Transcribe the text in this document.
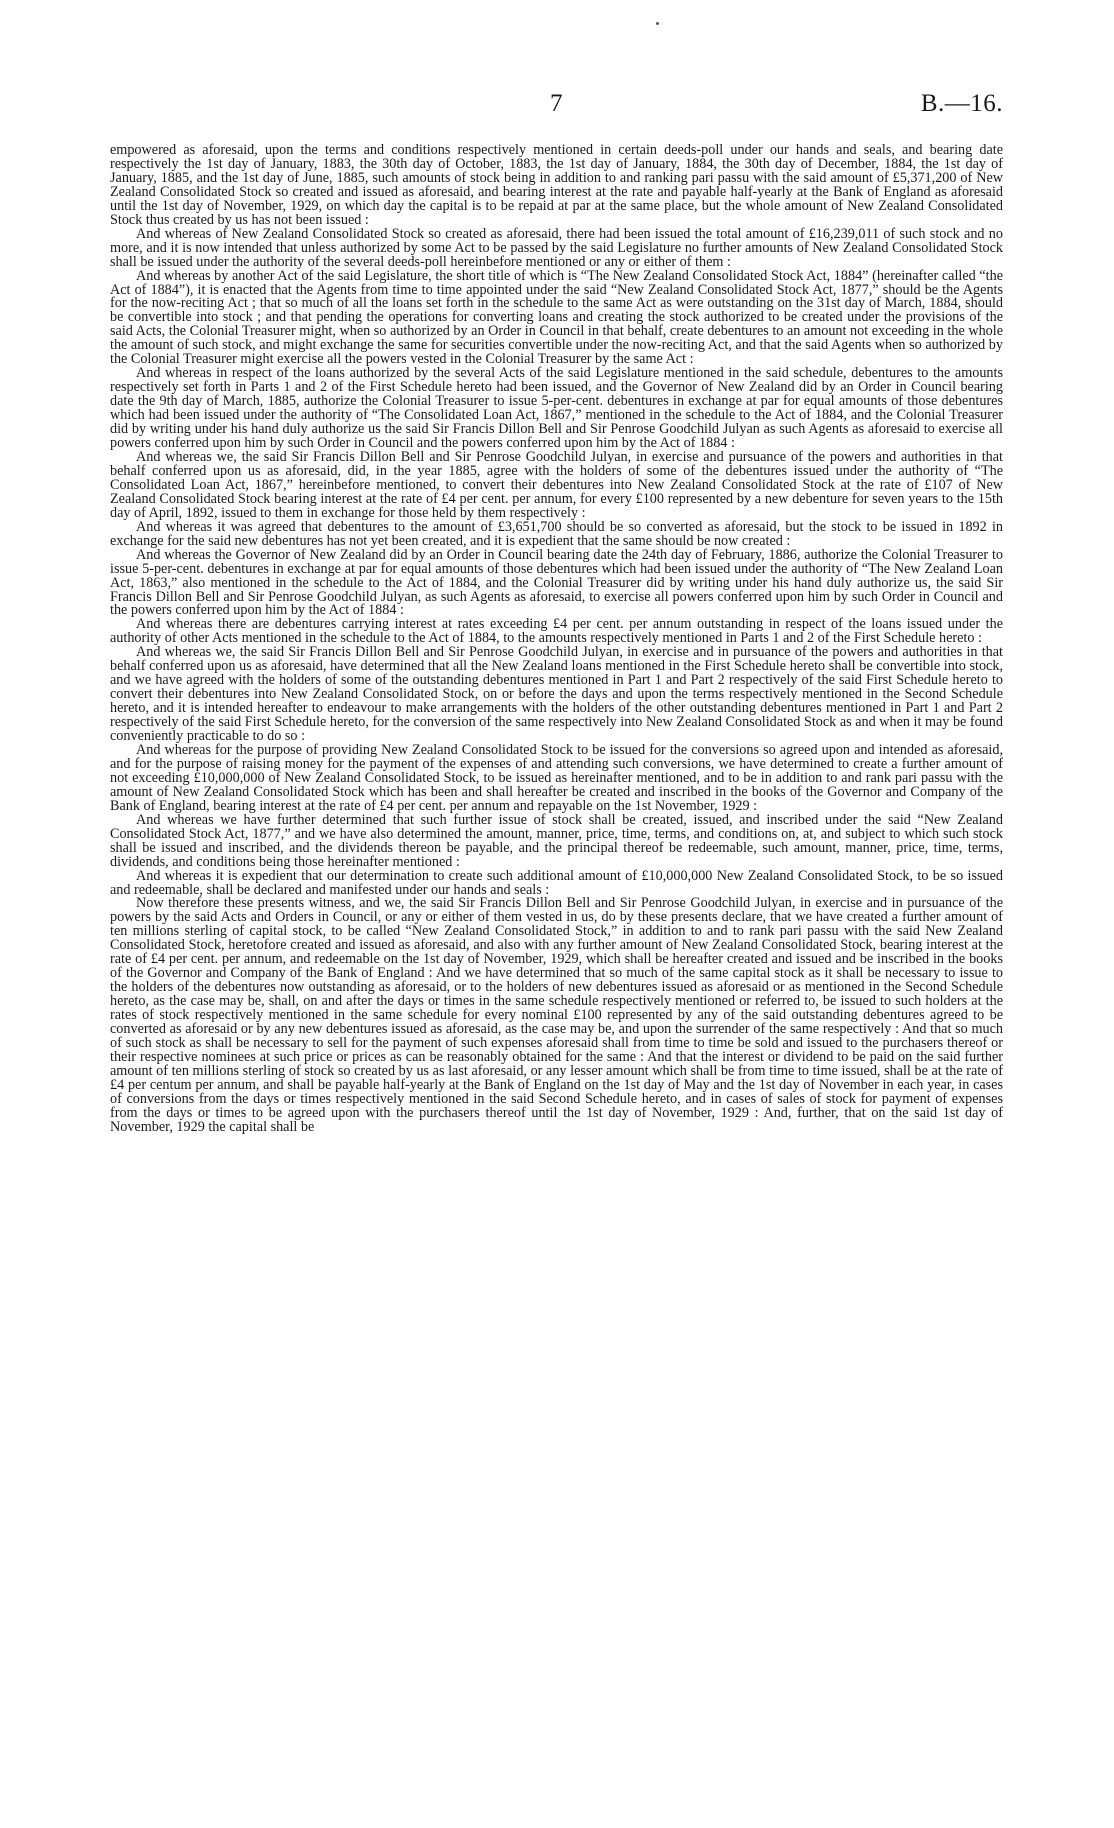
7	B.—16.

empowered as aforesaid, upon the terms and conditions respectively mentioned in certain deeds-poll under our hands and seals, and bearing date respectively the 1st day of January, 1883, the 30th day of October, 1883, the 1st day of January, 1884, the 30th day of December, 1884, the 1st day of January, 1885, and the 1st day of June, 1885, such amounts of stock being in addition to and ranking pari passu with the said amount of £5,371,200 of New Zealand Consolidated Stock so created and issued as aforesaid, and bearing interest at the rate and payable half-yearly at the Bank of England as aforesaid until the 1st day of November, 1929, on which day the capital is to be repaid at par at the same place, but the whole amount of New Zealand Consolidated Stock thus created by us has not been issued :

And whereas of New Zealand Consolidated Stock so created as aforesaid, there had been issued the total amount of £16,239,011 of such stock and no more, and it is now intended that unless authorized by some Act to be passed by the said Legislature no further amounts of New Zealand Consolidated Stock shall be issued under the authority of the several deeds-poll hereinbefore mentioned or any or either of them :

And whereas by another Act of the said Legislature, the short title of which is “The New Zealand Consolidated Stock Act, 1884” (hereinafter called “the Act of 1884”), it is enacted that the Agents from time to time appointed under the said “New Zealand Consolidated Stock Act, 1877,” should be the Agents for the now-reciting Act ; that so much of all the loans set forth in the schedule to the same Act as were outstanding on the 31st day of March, 1884, should be convertible into stock ; and that pending the operations for converting loans and creating the stock authorized to be created under the provisions of the said Acts, the Colonial Treasurer might, when so authorized by an Order in Council in that behalf, create debentures to an amount not exceeding in the whole the amount of such stock, and might exchange the same for securities convertible under the now-reciting Act, and that the said Agents when so authorized by the Colonial Treasurer might exercise all the powers vested in the Colonial Treasurer by the same Act :

And whereas in respect of the loans authorized by the several Acts of the said Legislature mentioned in the said schedule, debentures to the amounts respectively set forth in Parts 1 and 2 of the First Schedule hereto had been issued, and the Governor of New Zealand did by an Order in Council bearing date the 9th day of March, 1885, authorize the Colonial Treasurer to issue 5-per-cent. debentures in exchange at par for equal amounts of those debentures which had been issued under the authority of “The Consolidated Loan Act, 1867,” mentioned in the schedule to the Act of 1884, and the Colonial Treasurer did by writing under his hand duly authorize us the said Sir Francis Dillon Bell and Sir Penrose Goodchild Julyan as such Agents as aforesaid to exercise all powers conferred upon him by such Order in Council and the powers conferred upon him by the Act of 1884 :

And whereas we, the said Sir Francis Dillon Bell and Sir Penrose Goodchild Julyan, in exercise and pursuance of the powers and authorities in that behalf conferred upon us as aforesaid, did, in the year 1885, agree with the holders of some of the debentures issued under the authority of “The Consolidated Loan Act, 1867,” hereinbefore mentioned, to convert their debentures into New Zealand Consolidated Stock at the rate of £107 of New Zealand Consolidated Stock bearing interest at the rate of £4 per cent. per annum, for every £100 represented by a new debenture for seven years to the 15th day of April, 1892, issued to them in exchange for those held by them respectively :

And whereas it was agreed that debentures to the amount of £3,651,700 should be so converted as aforesaid, but the stock to be issued in 1892 in exchange for the said new debentures has not yet been created, and it is expedient that the same should be now created :

And whereas the Governor of New Zealand did by an Order in Council bearing date the 24th day of February, 1886, authorize the Colonial Treasurer to issue 5-per-cent. debentures in exchange at par for equal amounts of those debentures which had been issued under the authority of “The New Zealand Loan Act, 1863,” also mentioned in the schedule to the Act of 1884, and the Colonial Treasurer did by writing under his hand duly authorize us, the said Sir Francis Dillon Bell and Sir Penrose Goodchild Julyan, as such Agents as aforesaid, to exercise all powers conferred upon him by such Order in Council and the powers conferred upon him by the Act of 1884 :

And whereas there are debentures carrying interest at rates exceeding £4 per cent. per annum outstanding in respect of the loans issued under the authority of other Acts mentioned in the schedule to the Act of 1884, to the amounts respectively mentioned in Parts 1 and 2 of the First Schedule hereto :

And whereas we, the said Sir Francis Dillon Bell and Sir Penrose Goodchild Julyan, in exercise and in pursuance of the powers and authorities in that behalf conferred upon us as aforesaid, have determined that all the New Zealand loans mentioned in the First Schedule hereto shall be convertible into stock, and we have agreed with the holders of some of the outstanding debentures mentioned in Part 1 and Part 2 respectively of the said First Schedule hereto to convert their debentures into New Zealand Consolidated Stock, on or before the days and upon the terms respectively mentioned in the Second Schedule hereto, and it is intended hereafter to endeavour to make arrangements with the holders of the other outstanding debentures mentioned in Part 1 and Part 2 respectively of the said First Schedule hereto, for the conversion of the same respectively into New Zealand Consolidated Stock as and when it may be found conveniently practicable to do so :

And whereas for the purpose of providing New Zealand Consolidated Stock to be issued for the conversions so agreed upon and intended as aforesaid, and for the purpose of raising money for the payment of the expenses of and attending such conversions, we have determined to create a further amount of not exceeding £10,000,000 of New Zealand Consolidated Stock, to be issued as hereinafter mentioned, and to be in addition to and rank pari passu with the amount of New Zealand Consolidated Stock which has been and shall hereafter be created and inscribed in the books of the Governor and Company of the Bank of England, bearing interest at the rate of £4 per cent. per annum and repayable on the 1st November, 1929 :

And whereas we have further determined that such further issue of stock shall be created, issued, and inscribed under the said “New Zealand Consolidated Stock Act, 1877,” and we have also determined the amount, manner, price, time, terms, and conditions on, at, and subject to which such stock shall be issued and inscribed, and the dividends thereon be payable, and the principal thereof be redeemable, such amount, manner, price, time, terms, dividends, and conditions being those hereinafter mentioned :

And whereas it is expedient that our determination to create such additional amount of £10,000,000 New Zealand Consolidated Stock, to be so issued and redeemable, shall be declared and manifested under our hands and seals :

Now therefore these presents witness, and we, the said Sir Francis Dillon Bell and Sir Penrose Goodchild Julyan, in exercise and in pursuance of the powers by the said Acts and Orders in Council, or any or either of them vested in us, do by these presents declare, that we have created a further amount of ten millions sterling of capital stock, to be called “New Zealand Consolidated Stock,” in addition to and to rank pari passu with the said New Zealand Consolidated Stock, heretofore created and issued as aforesaid, and also with any further amount of New Zealand Consolidated Stock, bearing interest at the rate of £4 per cent. per annum, and redeemable on the 1st day of November, 1929, which shall be hereafter created and issued and be inscribed in the books of the Governor and Company of the Bank of England : And we have determined that so much of the same capital stock as it shall be necessary to issue to the holders of the debentures now outstanding as aforesaid, or to the holders of new debentures issued as aforesaid or as mentioned in the Second Schedule hereto, as the case may be, shall, on and after the days or times in the same schedule respectively mentioned or referred to, be issued to such holders at the rates of stock respectively mentioned in the same schedule for every nominal £100 represented by any of the said outstanding debentures agreed to be converted as aforesaid or by any new debentures issued as aforesaid, as the case may be, and upon the surrender of the same respectively : And that so much of such stock as shall be necessary to sell for the payment of such expenses aforesaid shall from time to time be sold and issued to the purchasers thereof or their respective nominees at such price or prices as can be reasonably obtained for the same : And that the interest or dividend to be paid on the said further amount of ten millions sterling of stock so created by us as last aforesaid, or any lesser amount which shall be from time to time issued, shall be at the rate of £4 per centum per annum, and shall be payable half-yearly at the Bank of England on the 1st day of May and the 1st day of November in each year, in cases of conversions from the days or times respectively mentioned in the said Second Schedule hereto, and in cases of sales of stock for payment of expenses from the days or times to be agreed upon with the purchasers thereof until the 1st day of November, 1929 : And, further, that on the said 1st day of November, 1929 the capital shall be
